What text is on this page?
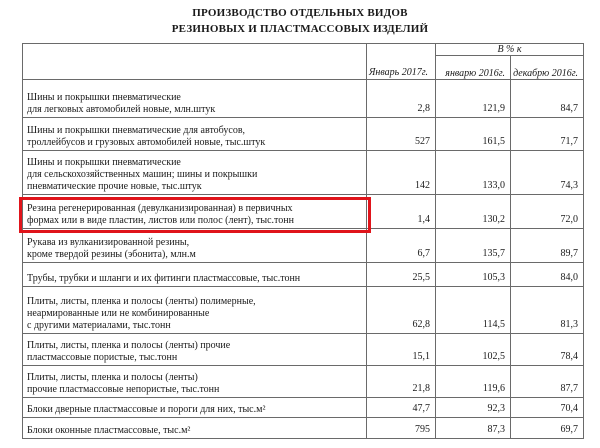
ПРОИЗВОДСТВО ОТДЕЛЬНЫХ ВИДОВ
РЕЗИНОВЫХ И ПЛАСТМАССОВЫХ ИЗДЕЛИЙ
	Январь 2017г.	В % к	
		январю 2016г.	декабрю 2016г.

Шины и покрышки пневматические
для легковых автомобилей новые, млн.штук	2,8	121,9	84,7

Шины и покрышки пневматические для автобусов,
троллейбусов и грузовых автомобилей новые, тыс.штук	527	161,5	71,7

Шины и покрышки пневматические
для сельскохозяйственных машин; шины и покрышки
пневматические прочие новые, тыс.штук	142	133,0	74,3

Резина регенерированная (девулканизированная) в первичных
формах или в виде пластин, листов или полос (лент), тыс.тонн	1,4	130,2	72,0

Рукава из вулканизированной резины,
кроме твердой резины (эбонита), млн.м	6,7	135,7	89,7

Трубы, трубки и шланги и их фитинги пластмассовые, тыс.тонн	25,5	105,3	84,0

Плиты, листы, пленка и полосы (ленты) полимерные,
неармированные или не комбинированные
с другими материалами, тыс.тонн	62,8	114,5	81,3

Плиты, листы, пленка и полосы (ленты) прочие
пластмассовые пористые, тыс.тонн	15,1	102,5	78,4

Плиты, листы, пленка и полосы (ленты)
прочие пластмассовые непористые, тыс.тонн	21,8	119,6	87,7

Блоки дверные пластмассовые и пороги для них, тыс.м²	47,7	92,3	70,4

Блоки оконные пластмассовые, тыс.м²	795	87,3	69,7
